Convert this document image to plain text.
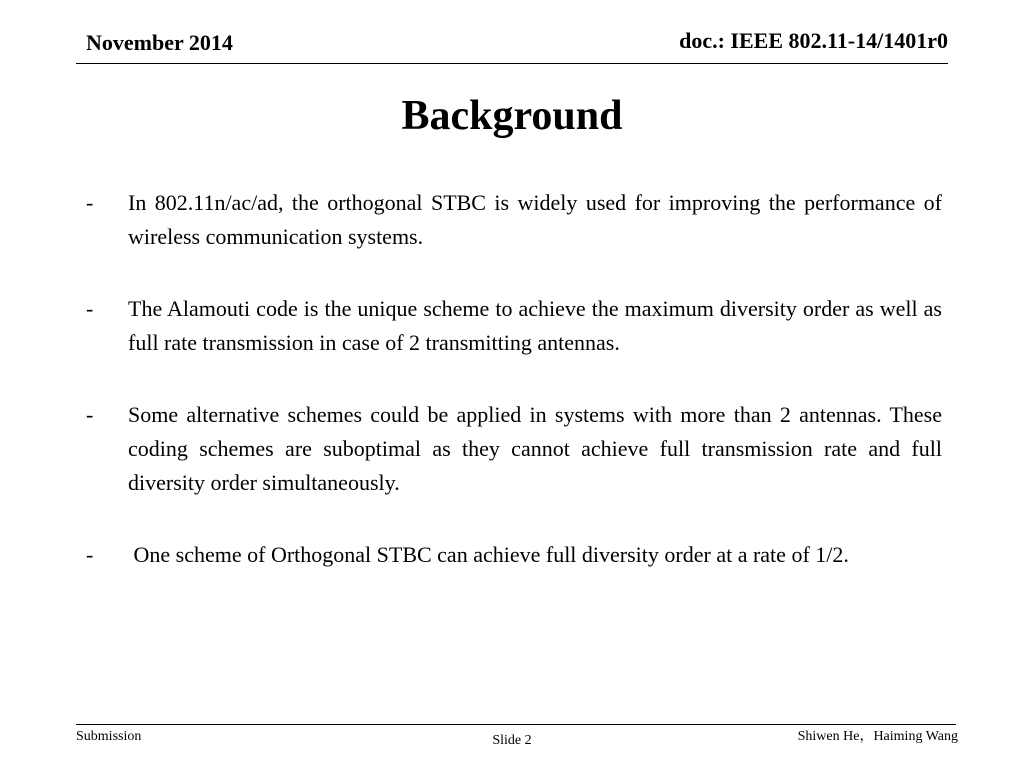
November 2014	doc.: IEEE 802.11-14/1401r0
Background
-	In 802.11n/ac/ad, the orthogonal STBC is widely used for improving the performance of wireless communication systems.
-	The Alamouti code is the unique scheme to achieve the maximum diversity order as well as full rate transmission in case of 2 transmitting antennas.
-	Some alternative schemes could be applied in systems with more than 2 antennas. These coding schemes are suboptimal as they cannot achieve full transmission rate and full diversity order simultaneously.
-	One scheme of Orthogonal STBC can achieve full diversity order at a rate of 1/2.
Submission	Slide 2	Shiwen He，Haiming Wang
